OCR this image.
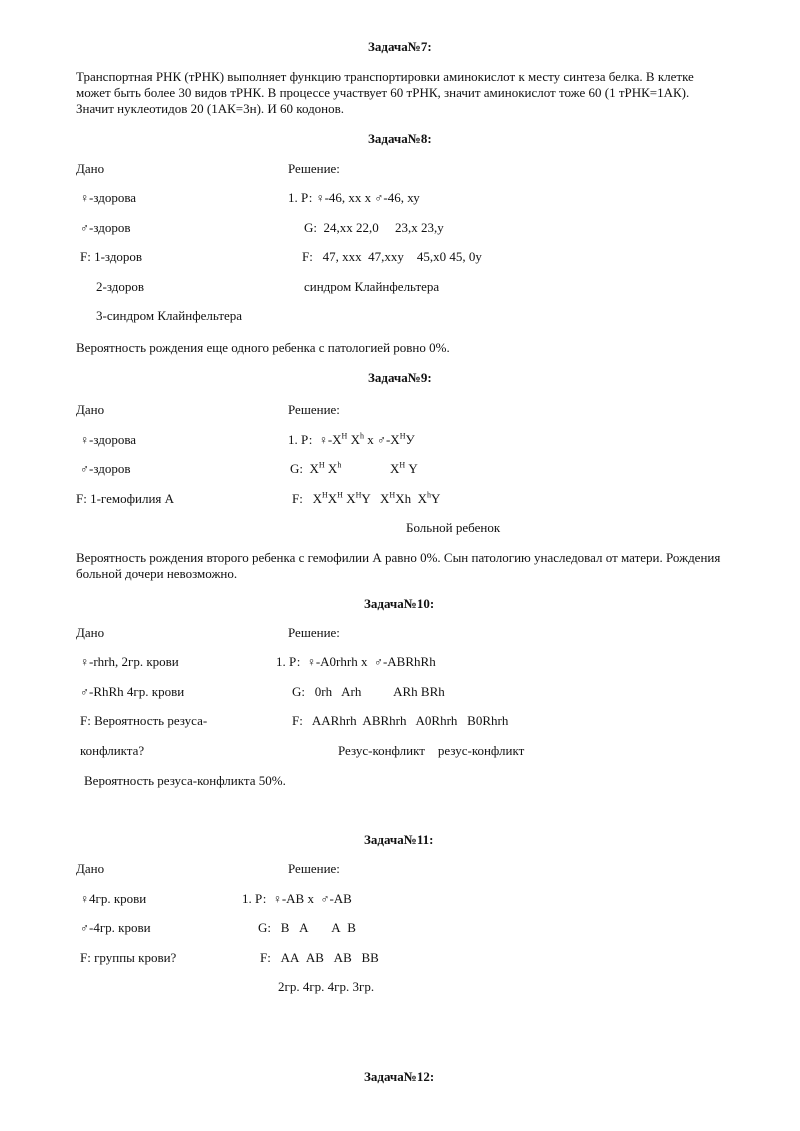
Задача№7:
Транспортная РНК (тРНК) выполняет функцию транспортировки аминокислот к месту синтеза белка. В клетке может быть более 30 видов тРНК. В процессе участвует 60 тРНК, значит аминокислот тоже 60 (1 тРНК=1АК). Значит нуклеотидов 20 (1АК=3н). И 60 кодонов.
Задача№8:
Дано	Решение:
♀-здорова	1. Р: ♀-46, хх х ♂-46, ху
♂-здоров	G:  24,хх 22,0     23,х 23,у
F: 1-здоров	F:   47, ххх  47,ххy    45,х0 45, 0у
2-здоров	синдром Клайнфельтера
3-синдром Клайнфельтера
Вероятность рождения еще одного ребенка с патологией ровно 0%.
Задача№9:
Дано	Решение:
♀-здорова	1. Р:  $♀-Х^Н$ $Х^h$ х $♂-Х^НУ$
♂-здоров	G:  $Х^Н$ $Х^h$	$Х^Н$ Y
F: 1-гемофилия А	F:   $Х^НХ^Н$ $Х^НY$   $Х^НХh$  $Х^hY$
Больной ребенок
Вероятность рождения второго ребенка с гемофилии А равно 0%. Сын патологию унаследовал от матери. Рождения больной дочери невозможно.
Задача№10:
Дано	Решение:
♀-rhrh, 2гр. крови	1. Р:  ♀-А0rhrh х  ♂-ABRhRh
♂-RhRh 4гр. крови	G:   0rh   Arh          ARh BRh
F: Вероятность резуса-	F:   AARhrh  ABRhrh   A0Rhrh   B0Rhrh
конфликта?	Резус-конфликт    резус-конфликт
Вероятность резуса-конфликта 50%.
Задача№11:
Дано	Решение:
♀4гр. крови	1. Р:  ♀-АВ х  ♂-АВ
♂-4гр. крови	G:   В   А       А  В
F: группы крови?	F:   АА  АВ   АВ   ВВ
2гр. 4гр. 4гр. 3гр.
Задача№12:
